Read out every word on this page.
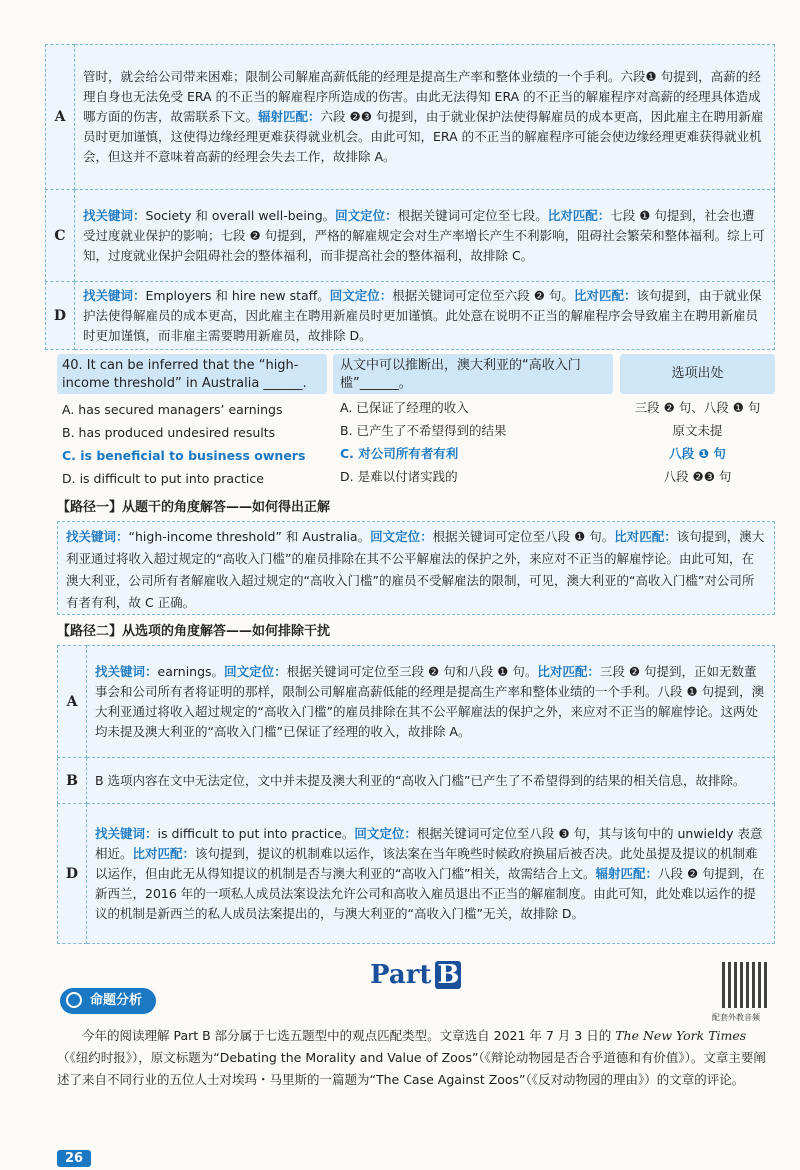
A	管时，就会给公司带来困难；限制公司解雇高薪低能的经理是提高生产率和整体业绩的一个手利。六段❶ 句提到，高薪的经理自身也无法免受 ERA 的不正当的解雇程序所造成的伤害。由此无法得知 ERA 的不正当的解雇程序对高薪的经理具体造成哪方面的伤害，故需联系下文。辐射匹配：六段 ❷❸ 句提到，由于就业保护法使得解雇员的成本更高，因此雇主在聘用新雇员时更加谨慎，这使得边缘经理更难获得就业机会。由此可知，ERA 的不正当的解雇程序可能会使边缘经理更难获得就业机会，但这并不意味着高薪的经理会失去工作，故排除 A。
C	找关键词：Society 和 overall well-being。回文定位：根据关键词可定位至七段。比对匹配：七段 ❶ 句提到，社会也遭受过度就业保护的影响；七段 ❷ 句提到，严格的解雇规定会对生产率增长产生不利影响，阻碍社会繁荣和整体福利。综上可知，过度就业保护会阻碍社会的整体福利，而非提高社会的整体福利，故排除 C。
D	找关键词：Employers 和 hire new staff。回文定位：根据关键词可定位至六段 ❷ 句。比对匹配：该句提到，由于就业保护法使得解雇员的成本更高，因此雇主在聘用新雇员时更加谨慎。此处意在说明不正当的解雇程序会导致雇主在聘用新雇员时更加谨慎，而非雇主需要聘用新雇员，故排除 D。
40. It can be inferred that the “high-income threshold” in Australia ______.
从文中可以推断出，澳大利亚的“高收入门槛”______。
选项出处
A. has secured managers’ earnings	A. 已保证了经理的收入	三段 ❷ 句、八段 ❶ 句
B. has produced undesired results	B. 已产生了不希望得到的结果	原文未提
C. is beneficial to business owners	C. 对公司所有者有利	八段 ❶ 句
D. is difficult to put into practice	D. 是难以付诸实践的	八段 ❷❸ 句
【路径一】从题干的角度解答——如何得出正解
找关键词：“high-income threshold” 和 Australia。回文定位：根据关键词可定位至八段 ❶ 句。比对匹配：该句提到，澳大利亚通过将收入超过规定的“高收入门槛”的雇员排除在其不公平解雇法的保护之外，来应对不正当的解雇悖论。由此可知，在澳大利亚，公司所有者解雇收入超过规定的“高收入门槛”的雇员不受解雇法的限制，可见，澳大利亚的“高收入门槛”对公司所有者有利，故 C 正确。
【路径二】从选项的角度解答——如何排除干扰
A	找关键词：earnings。回文定位：根据关键词可定位至三段 ❷ 句和八段 ❶ 句。比对匹配：三段 ❷ 句提到，正如无数董事会和公司所有者将证明的那样，限制公司解雇高薪低能的经理是提高生产率和整体业绩的一个手利。八段 ❶ 句提到，澳大利亚通过将收入超过规定的“高收入门槛”的雇员排除在其不公平解雇法的保护之外，来应对不正当的解雇悖论。这两处均未提及澳大利亚的“高收入门槛”已保证了经理的收入，故排除 A。
B	B 选项内容在文中无法定位，文中并未提及澳大利亚的“高收入门槛”已产生了不希望得到的结果的相关信息，故排除。
D	找关键词：is difficult to put into practice。回文定位：根据关键词可定位至八段 ❸ 句，其与该句中的 unwieldy 表意相近。比对匹配：该句提到，提议的机制难以运作，该法案在当年晚些时候政府换届后被否决。此处虽提及提议的机制难以运作，但由此无从得知提议的机制是否与澳大利亚的“高收入门槛”相关，故需结合上文。辐射匹配：八段 ❷ 句提到，在新西兰，2016 年的一项私人成员法案设法允许公司和高收入雇员退出不正当的解雇制度。由此可知，此处难以运作的提议的机制是新西兰的私人成员法案提出的，与澳大利亚的“高收入门槛”无关，故排除 D。
Part B
命题分析
配套外教音频
今年的阅读理解 Part B 部分属于七选五题型中的观点匹配类型。文章选自 2021 年 7 月 3 日的 The New York Times（《纽约时报》），原文标题为“Debating the Morality and Value of Zoos”（《辩论动物园是否合乎道德和有价值》）。文章主要阐述了来自不同行业的五位人士对埃玛・马里斯的一篇题为“The Case Against Zoos”（《反对动物园的理由》）的文章的评论。
26
